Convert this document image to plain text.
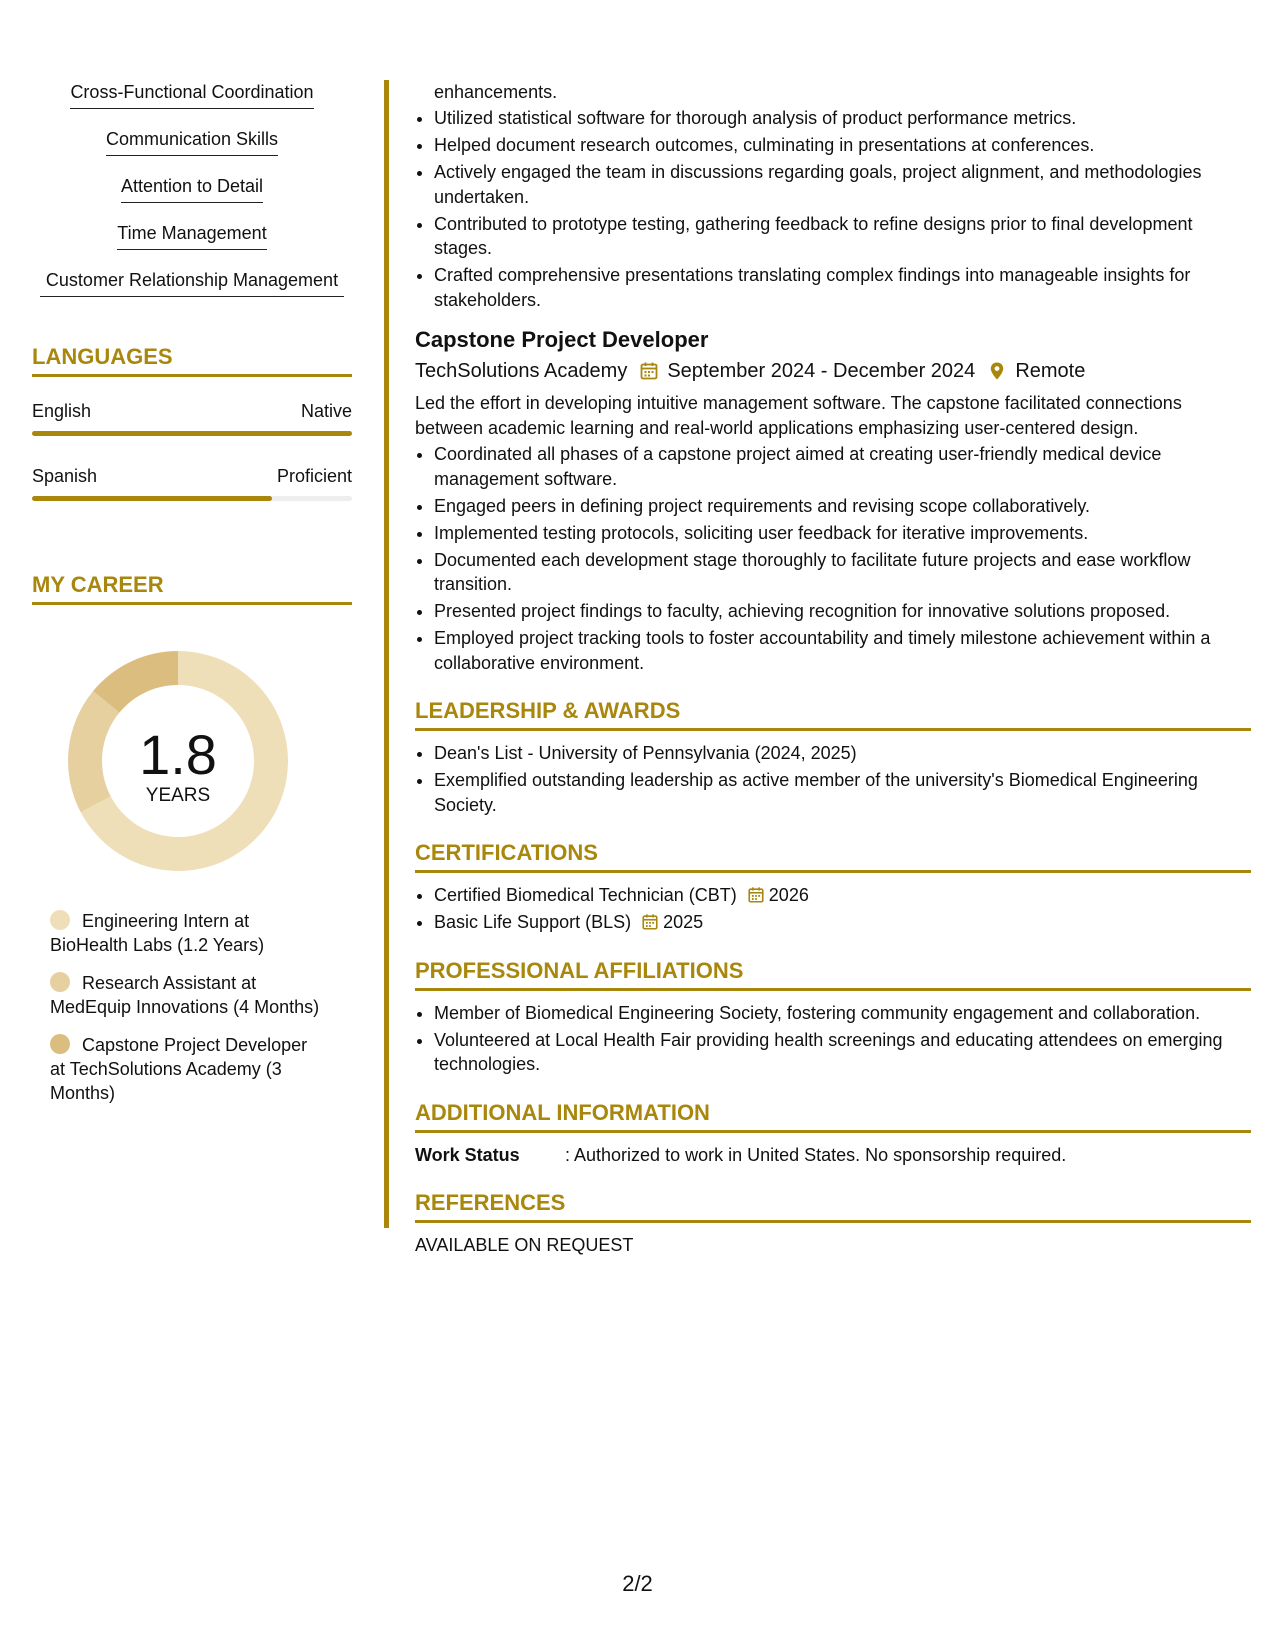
Cross-Functional Coordination
Communication Skills
Attention to Detail
Time Management
Customer Relationship Management
LANGUAGES
English	Native
Spanish	Proficient
MY CAREER
1.8
YEARS
Engineering Intern at BioHealth Labs (1.2 Years)
Research Assistant at MedEquip Innovations (4 Months)
Capstone Project Developer at TechSolutions Academy (3 Months)
enhancements.
• Utilized statistical software for thorough analysis of product performance metrics.
• Helped document research outcomes, culminating in presentations at conferences.
• Actively engaged the team in discussions regarding goals, project alignment, and methodologies undertaken.
• Contributed to prototype testing, gathering feedback to refine designs prior to final development stages.
• Crafted comprehensive presentations translating complex findings into manageable insights for stakeholders.
Capstone Project Developer
TechSolutions Academy September 2024 - December 2024 Remote
Led the effort in developing intuitive management software. The capstone facilitated connections between academic learning and real-world applications emphasizing user-centered design.
• Coordinated all phases of a capstone project aimed at creating user-friendly medical device management software.
• Engaged peers in defining project requirements and revising scope collaboratively.
• Implemented testing protocols, soliciting user feedback for iterative improvements.
• Documented each development stage thoroughly to facilitate future projects and ease workflow transition.
• Presented project findings to faculty, achieving recognition for innovative solutions proposed.
• Employed project tracking tools to foster accountability and timely milestone achievement within a collaborative environment.
LEADERSHIP & AWARDS
• Dean's List - University of Pennsylvania (2024, 2025)
• Exemplified outstanding leadership as active member of the university's Biomedical Engineering Society.
CERTIFICATIONS
• Certified Biomedical Technician (CBT) 2026
• Basic Life Support (BLS) 2025
PROFESSIONAL AFFILIATIONS
• Member of Biomedical Engineering Society, fostering community engagement and collaboration.
• Volunteered at Local Health Fair providing health screenings and educating attendees on emerging technologies.
ADDITIONAL INFORMATION
Work Status	: Authorized to work in United States. No sponsorship required.
REFERENCES
AVAILABLE ON REQUEST
2/2
